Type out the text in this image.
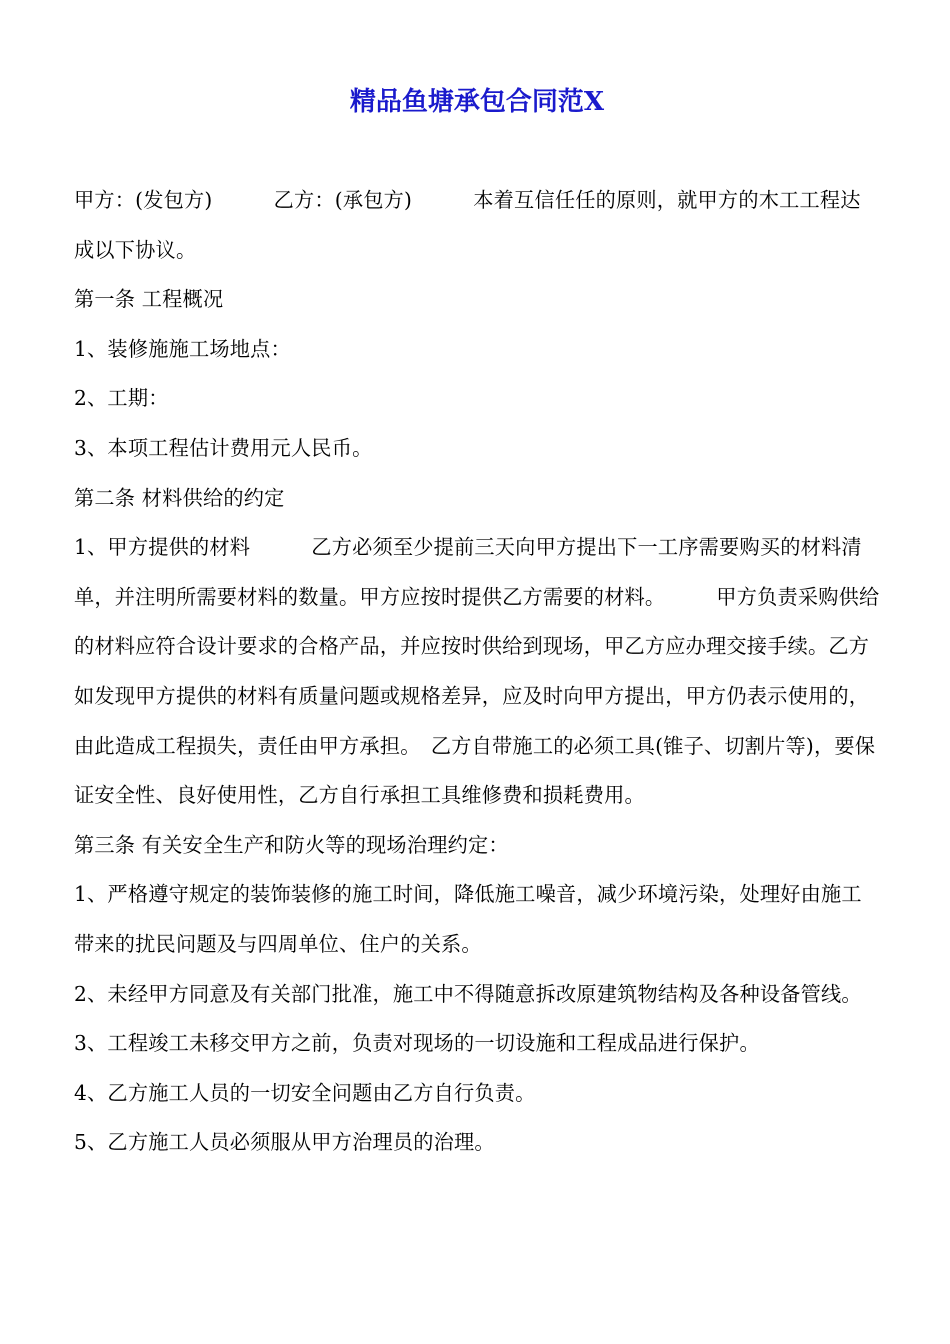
精品鱼塘承包合同范X

甲方：(发包方)　　　乙方：(承包方)　　　本着互信任任的原则，就甲方的木工工程达成以下协议。

第一条 工程概况

1、装修施施工场地点：

2、工期：

3、本项工程估计费用元人民币。

第二条 材料供给的约定

1、甲方提供的材料　　　乙方必须至少提前三天向甲方提出下一工序需要购买的材料清单，并注明所需要材料的数量。甲方应按时提供乙方需要的材料。　　　甲方负责采购供给的材料应符合设计要求的合格产品，并应按时供给到现场，甲乙方应办理交接手续。乙方如发现甲方提供的材料有质量问题或规格差异，应及时向甲方提出，甲方仍表示使用的，由此造成工程损失，责任由甲方承担。　乙方自带施工的必须工具(锥子、切割片等)，要保证安全性、良好使用性，乙方自行承担工具维修费和损耗费用。

第三条 有关安全生产和防火等的现场治理约定：

1、严格遵守规定的装饰装修的施工时间，降低施工噪音，减少环境污染，处理好由施工带来的扰民问题及与四周单位、住户的关系。

2、未经甲方同意及有关部门批准，施工中不得随意拆改原建筑物结构及各种设备管线。

3、工程竣工未移交甲方之前，负责对现场的一切设施和工程成品进行保护。

4、乙方施工人员的一切安全问题由乙方自行负责。

5、乙方施工人员必须服从甲方治理员的治理。
